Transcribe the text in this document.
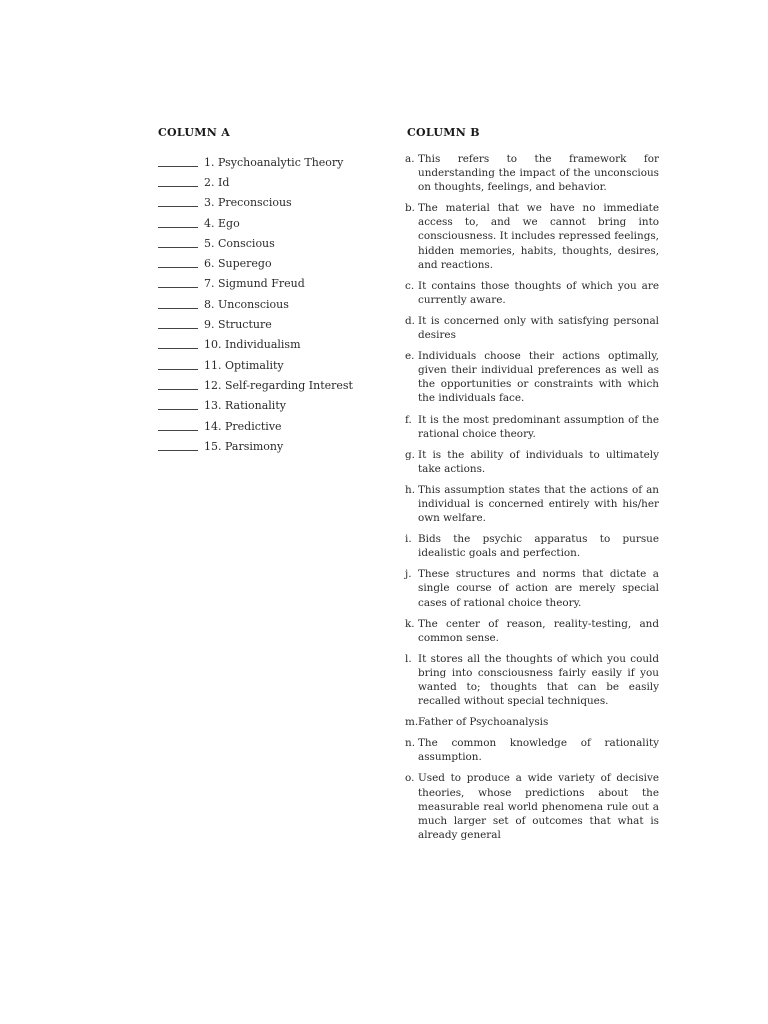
COLUMN A	COLUMN B
1. Psychoanalytic Theory
2. Id
3. Preconscious
4. Ego
5. Conscious
6. Superego
7. Sigmund Freud
8. Unconscious
9. Structure
10. Individualism
11. Optimality
12. Self-regarding Interest
13. Rationality
14. Predictive
15. Parsimony
a. This refers to the framework for understanding the impact of the unconscious on thoughts, feelings, and behavior.
b. The material that we have no immediate access to, and we cannot bring into consciousness. It includes repressed feelings, hidden memories, habits, thoughts, desires, and reactions.
c. It contains those thoughts of which you are currently aware.
d. It is concerned only with satisfying personal desires
e. Individuals choose their actions optimally, given their individual preferences as well as the opportunities or constraints with which the individuals face.
f. It is the most predominant assumption of the rational choice theory.
g. It is the ability of individuals to ultimately take actions.
h. This assumption states that the actions of an individual is concerned entirely with his/her own welfare.
i. Bids the psychic apparatus to pursue idealistic goals and perfection.
j. These structures and norms that dictate a single course of action are merely special cases of rational choice theory.
k. The center of reason, reality-testing, and common sense.
l. It stores all the thoughts of which you could bring into consciousness fairly easily if you wanted to; thoughts that can be easily recalled without special techniques.
m. Father of Psychoanalysis
n. The common knowledge of rationality assumption.
o. Used to produce a wide variety of decisive theories, whose predictions about the measurable real world phenomena rule out a much larger set of outcomes that what is already general
